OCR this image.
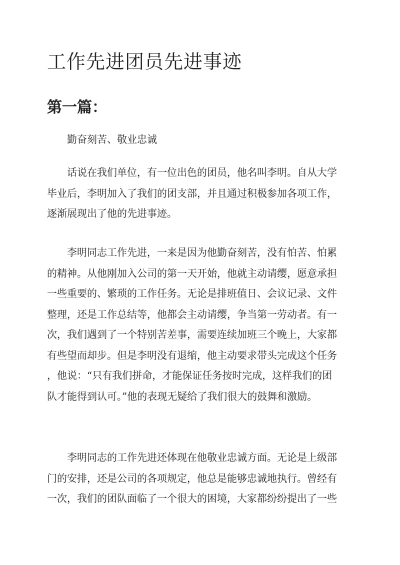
工作先进团员先进事迹
第一篇：

勤奋刻苦、敬业忠诚

话说在我们单位，有一位出色的团员，他名叫李明。自从大学
毕业后，李明加入了我们的团支部，并且通过积极参加各项工作，
逐渐展现出了他的先进事迹。
李明同志工作先进，一来是因为他勤奋刻苦，没有怕苦、怕累
的精神。从他刚加入公司的第一天开始，他就主动请缨，愿意承担
一些重要的、繁琐的工作任务。无论是排班值日、会议记录、文件
整理，还是工作总结等，他都会主动请缨，争当第一劳动者。有一
次，我们遇到了一个特别苦差事，需要连续加班三个晚上，大家都
有些望而却步。但是李明没有退缩，他主动要求带头完成这个任务
，他说：“只有我们拼命，才能保证任务按时完成，这样我们的团
队才能得到认可。”他的表现无疑给了我们很大的鼓舞和激励。
李明同志的工作先进还体现在他敬业忠诚方面。无论是上级部
门的安排，还是公司的各项规定，他总是能够忠诚地执行。曾经有
一次，我们的团队面临了一个很大的困境，大家都纷纷提出了一些
